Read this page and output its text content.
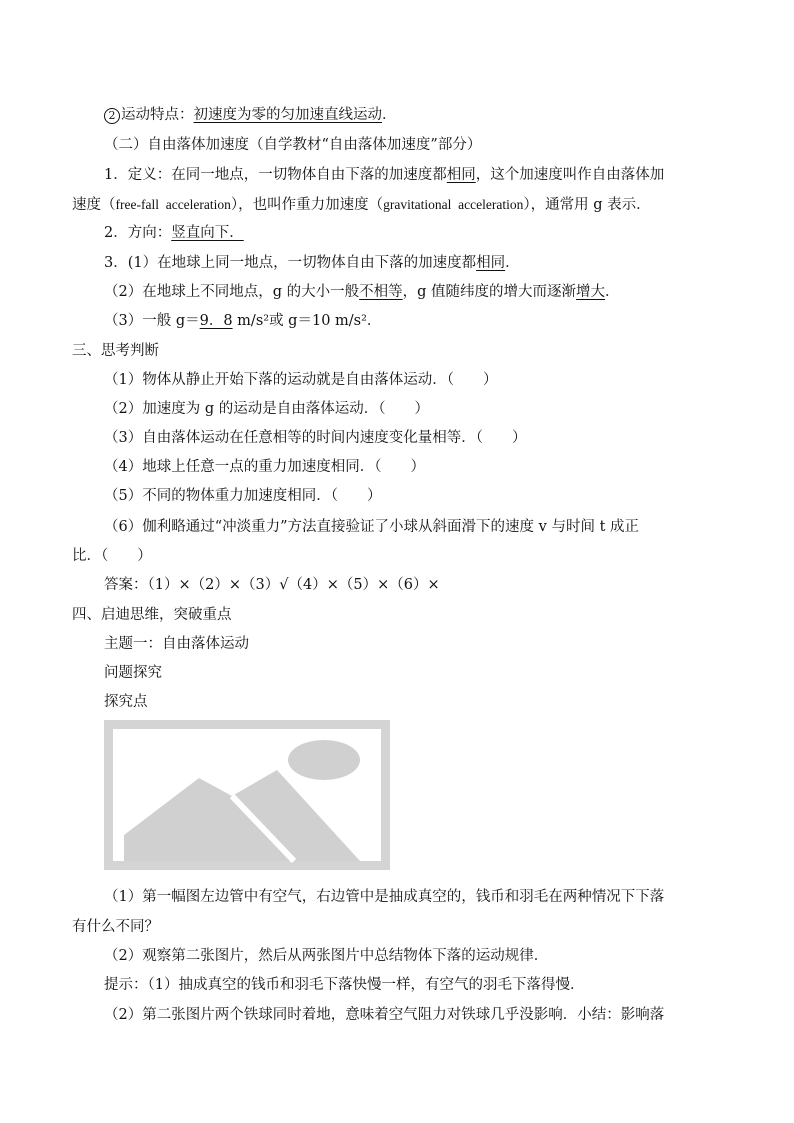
2 运动特点：初速度为零的匀加速直线运动．
（二）自由落体加速度（自学教材“自由落体加速度”部分）
1．定义：在同一地点，一切物体自由下落的加速度都相同，这个加速度叫作自由落体加
速度（free-fall  acceleration），也叫作重力加速度（gravitational  acceleration），通常用 g 表示．
2．方向：竖直向下．
3．(1）在地球上同一地点，一切物体自由下落的加速度都相同．
（2）在地球上不同地点，g 的大小一般不相等，g 值随纬度的增大而逐渐增大．
（3）一般 g＝9．8 m/s²或 g＝10 m/s²．
三、思考判断
（1）物体从静止开始下落的运动就是自由落体运动．（　　）
（2）加速度为 g 的运动是自由落体运动．（　　）
（3）自由落体运动在任意相等的时间内速度变化量相等．（　　）
（4）地球上任意一点的重力加速度相同．（　　）
（5）不同的物体重力加速度相同．（　　）
（6）伽利略通过“冲淡重力”方法直接验证了小球从斜面滑下的速度 v 与时间 t 成正
比．（　　）
答案：（1）×（2）×（3）√（4）×（5）×（6）×
四、启迪思维，突破重点
主题一：自由落体运动
问题探究
探究点
（1）第一幅图左边管中有空气，右边管中是抽成真空的，钱币和羽毛在两种情况下下落
有什么不同？
（2）观察第二张图片，然后从两张图片中总结物体下落的运动规律．
提示：（1）抽成真空的钱币和羽毛下落快慢一样，有空气的羽毛下落得慢．
（2）第二张图片两个铁球同时着地，意味着空气阻力对铁球几乎没影响．小结：影响落
